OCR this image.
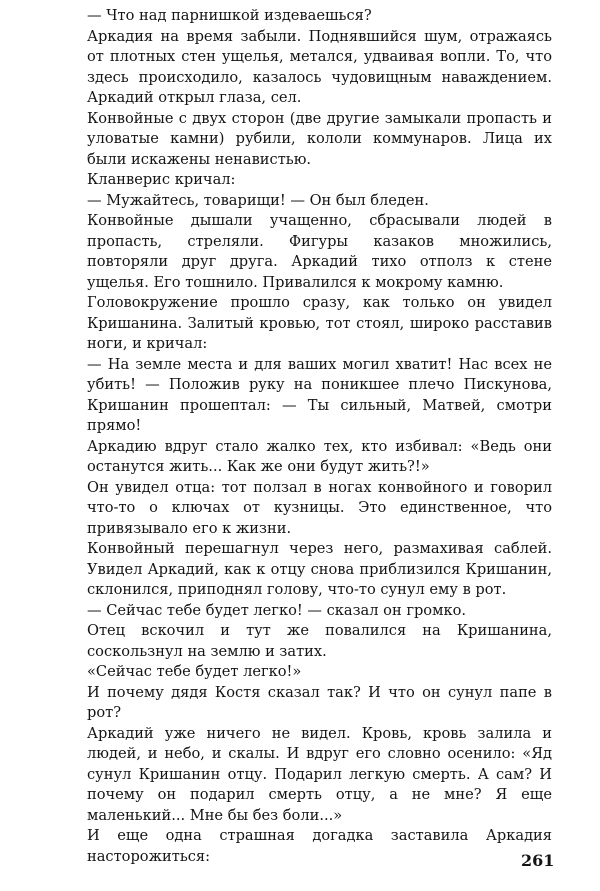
— Что над парнишкой издеваешься?

Аркадия на время забыли. Поднявшийся шум, отражаясь от плотных стен ущелья, метался, удваивая вопли. То, что здесь происходило, казалось чудовищным наваждением. Аркадий открыл глаза, сел.

Конвойные с двух сторон (две другие замыкали пропасть и уловатые камни) рубили, кололи коммунаров. Лица их были искажены ненавистью.

Кланверис кричал:

— Мужайтесь, товарищи! — Он был бледен.

Конвойные дышали учащенно, сбрасывали людей в пропасть, стреляли. Фигуры казаков множились, повторяли друг друга. Аркадий тихо отполз к стене ущелья. Его тошнило. Привалился к мокрому камню.

Головокружение прошло сразу, как только он увидел Кришанина. Залитый кровью, тот стоял, широко расставив ноги, и кричал:

— На земле места и для ваших могил хватит! Нас всех не убить! — Положив руку на поникшее плечо Пискунова, Кришанин прошептал: — Ты сильный, Матвей, смотри прямо!

Аркадию вдруг стало жалко тех, кто избивал: «Ведь они останутся жить... Как же они будут жить?!»

Он увидел отца: тот ползал в ногах конвойного и говорил что-то о ключах от кузницы. Это единственное, что привязывало его к жизни.

Конвойный перешагнул через него, размахивая саблей. Увидел Аркадий, как к отцу снова приблизился Кришанин, склонился, приподнял голову, что-то сунул ему в рот.

— Сейчас тебе будет легко! — сказал он громко.

Отец вскочил и тут же повалился на Кришанина, соскользнул на землю и затих.

«Сейчас тебе будет легко!»

И почему дядя Костя сказал так? И что он сунул папе в рот?

Аркадий уже ничего не видел. Кровь, кровь залила и людей, и небо, и скалы. И вдруг его словно осенило: «Яд сунул Кришанин отцу. Подарил легкую смерть. А сам? И почему он подарил смерть отцу, а не мне? Я еще маленький... Мне бы без боли...»

И еще одна страшная догадка заставила Аркадия насторожиться:	261
